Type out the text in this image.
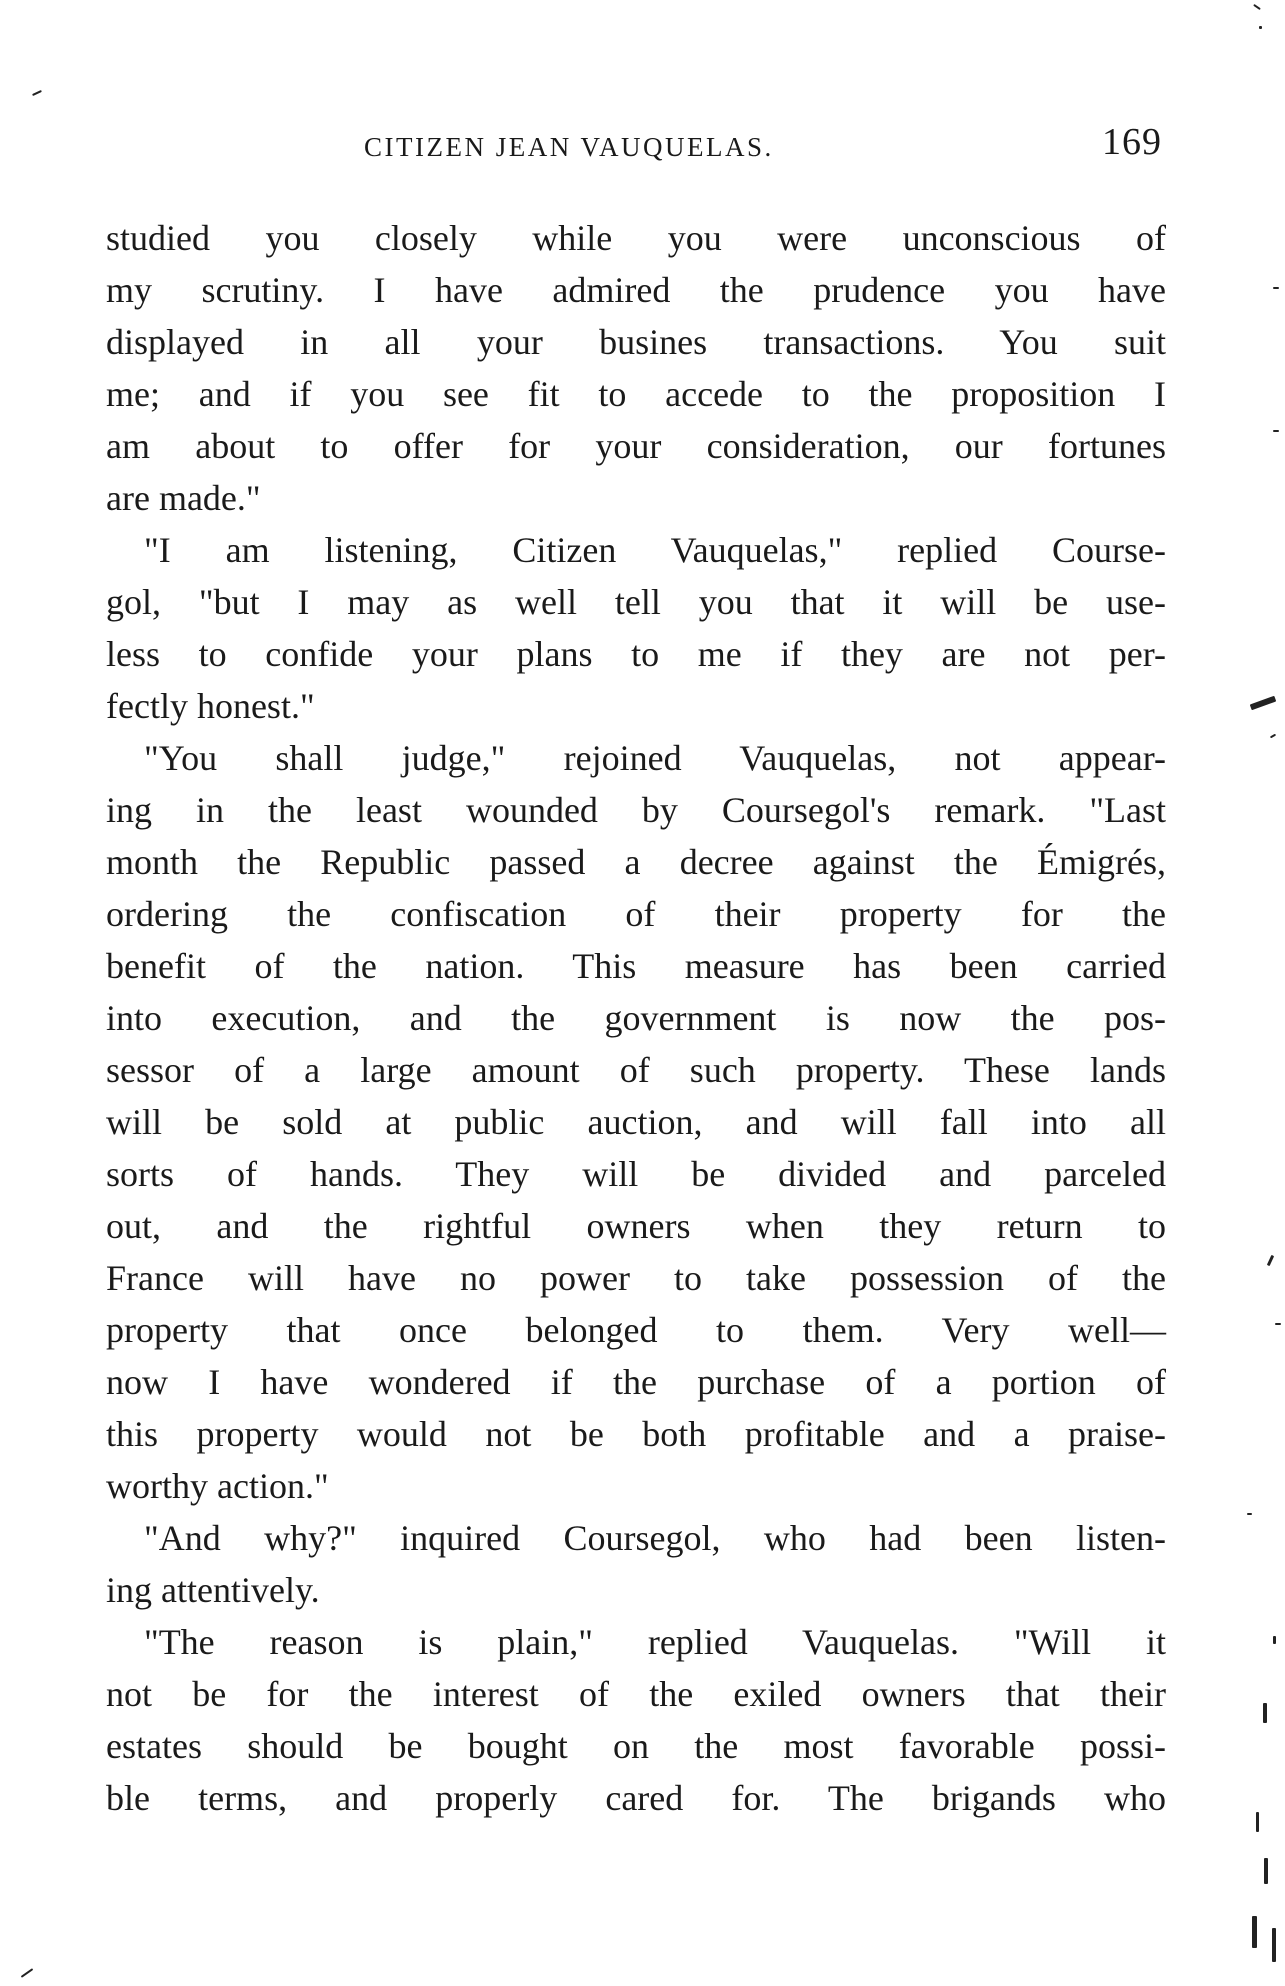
CITIZEN JEAN VAUQUELAS.	169
studied you closely while you were unconscious of
my scrutiny. I have admired the prudence you have
displayed in all your busines transactions. You suit
me; and if you see fit to accede to the proposition I
am about to offer for your consideration, our fortunes
are made."
"I am listening, Citizen Vauquelas," replied Course-
gol, "but I may as well tell you that it will be use-
less to confide your plans to me if they are not per-
fectly honest."
"You shall judge," rejoined Vauquelas, not appear-
ing in the least wounded by Coursegol's remark. "Last
month the Republic passed a decree against the Émigrés,
ordering the confiscation of their property for the
benefit of the nation. This measure has been carried
into execution, and the government is now the pos-
sessor of a large amount of such property. These lands
will be sold at public auction, and will fall into all
sorts of hands. They will be divided and parceled
out, and the rightful owners when they return to
France will have no power to take possession of the
property that once belonged to them. Very well—
now I have wondered if the purchase of a portion of
this property would not be both profitable and a praise-
worthy action."
"And why?" inquired Coursegol, who had been listen-
ing attentively.
"The reason is plain," replied Vauquelas. "Will it
not be for the interest of the exiled owners that their
estates should be bought on the most favorable possi-
ble terms, and properly cared for. The brigands who
